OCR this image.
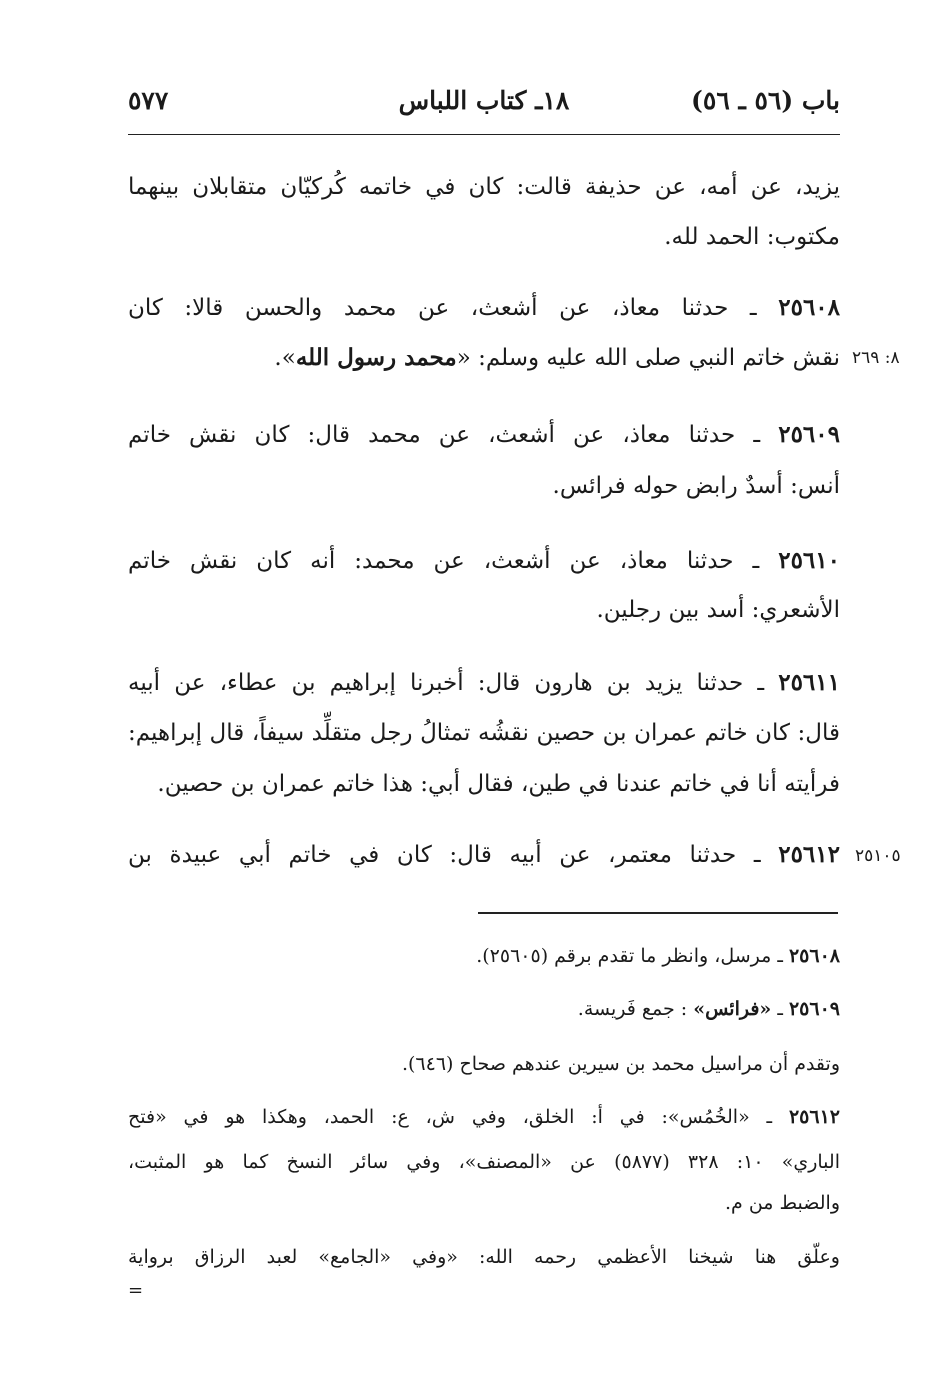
باب (٥٦ ـ ٥٦)
١٨ـ كتاب اللباس
٥٧٧
يزيد، عن أمه، عن حذيفة قالت: كان في خاتمه كُركيّان متقابلان بينهما
مكتوب: الحمد لله.
٢٥٦٠٨ ـ حدثنا معاذ، عن أشعث، عن محمد والحسن قالا: كان
نقش خاتم النبي صلى الله عليه وسلم: «محمد رسول الله».	٨: ٢٦٩
٢٥٦٠٩ ـ حدثنا معاذ، عن أشعث، عن محمد قال: كان نقش خاتم
أنس: أسدٌ رابض حوله فرائس.
٢٥٦١٠ ـ حدثنا معاذ، عن أشعث، عن محمد: أنه كان نقش خاتم
الأشعري: أسد بين رجلين.
٢٥٦١١ ـ حدثنا يزيد بن هارون قال: أخبرنا إبراهيم بن عطاء، عن أبيه
قال: كان خاتم عمران بن حصين نقشُه تمثالُ رجل متقلِّد سيفاً، قال إبراهيم:
فرأيته أنا في خاتم عندنا في طين، فقال أبي: هذا خاتم عمران بن حصين.
٢٥٦١٢ ـ حدثنا معتمر، عن أبيه قال: كان في خاتم أبي عبيدة بن	٢٥١٠٥
٢٥٦٠٨ ـ مرسل، وانظر ما تقدم برقم (٢٥٦٠٥).
٢٥٦٠٩ ـ «فرائس» : جمع فَريسة.
وتقدم أن مراسيل محمد بن سيرين عندهم صحاح (٦٤٦).
٢٥٦١٢ ـ «الخُمُس»: في أ: الخلق، وفي ش، ع: الحمد، وهكذا هو في «فتح
الباري» ١٠: ٣٢٨ (٥٨٧٧) عن «المصنف»، وفي سائر النسخ كما هو المثبت،
والضبط من م.
وعلّق هنا شيخنا الأعظمي رحمه الله: «وفي «الجامع» لعبد الرزاق برواية
=
